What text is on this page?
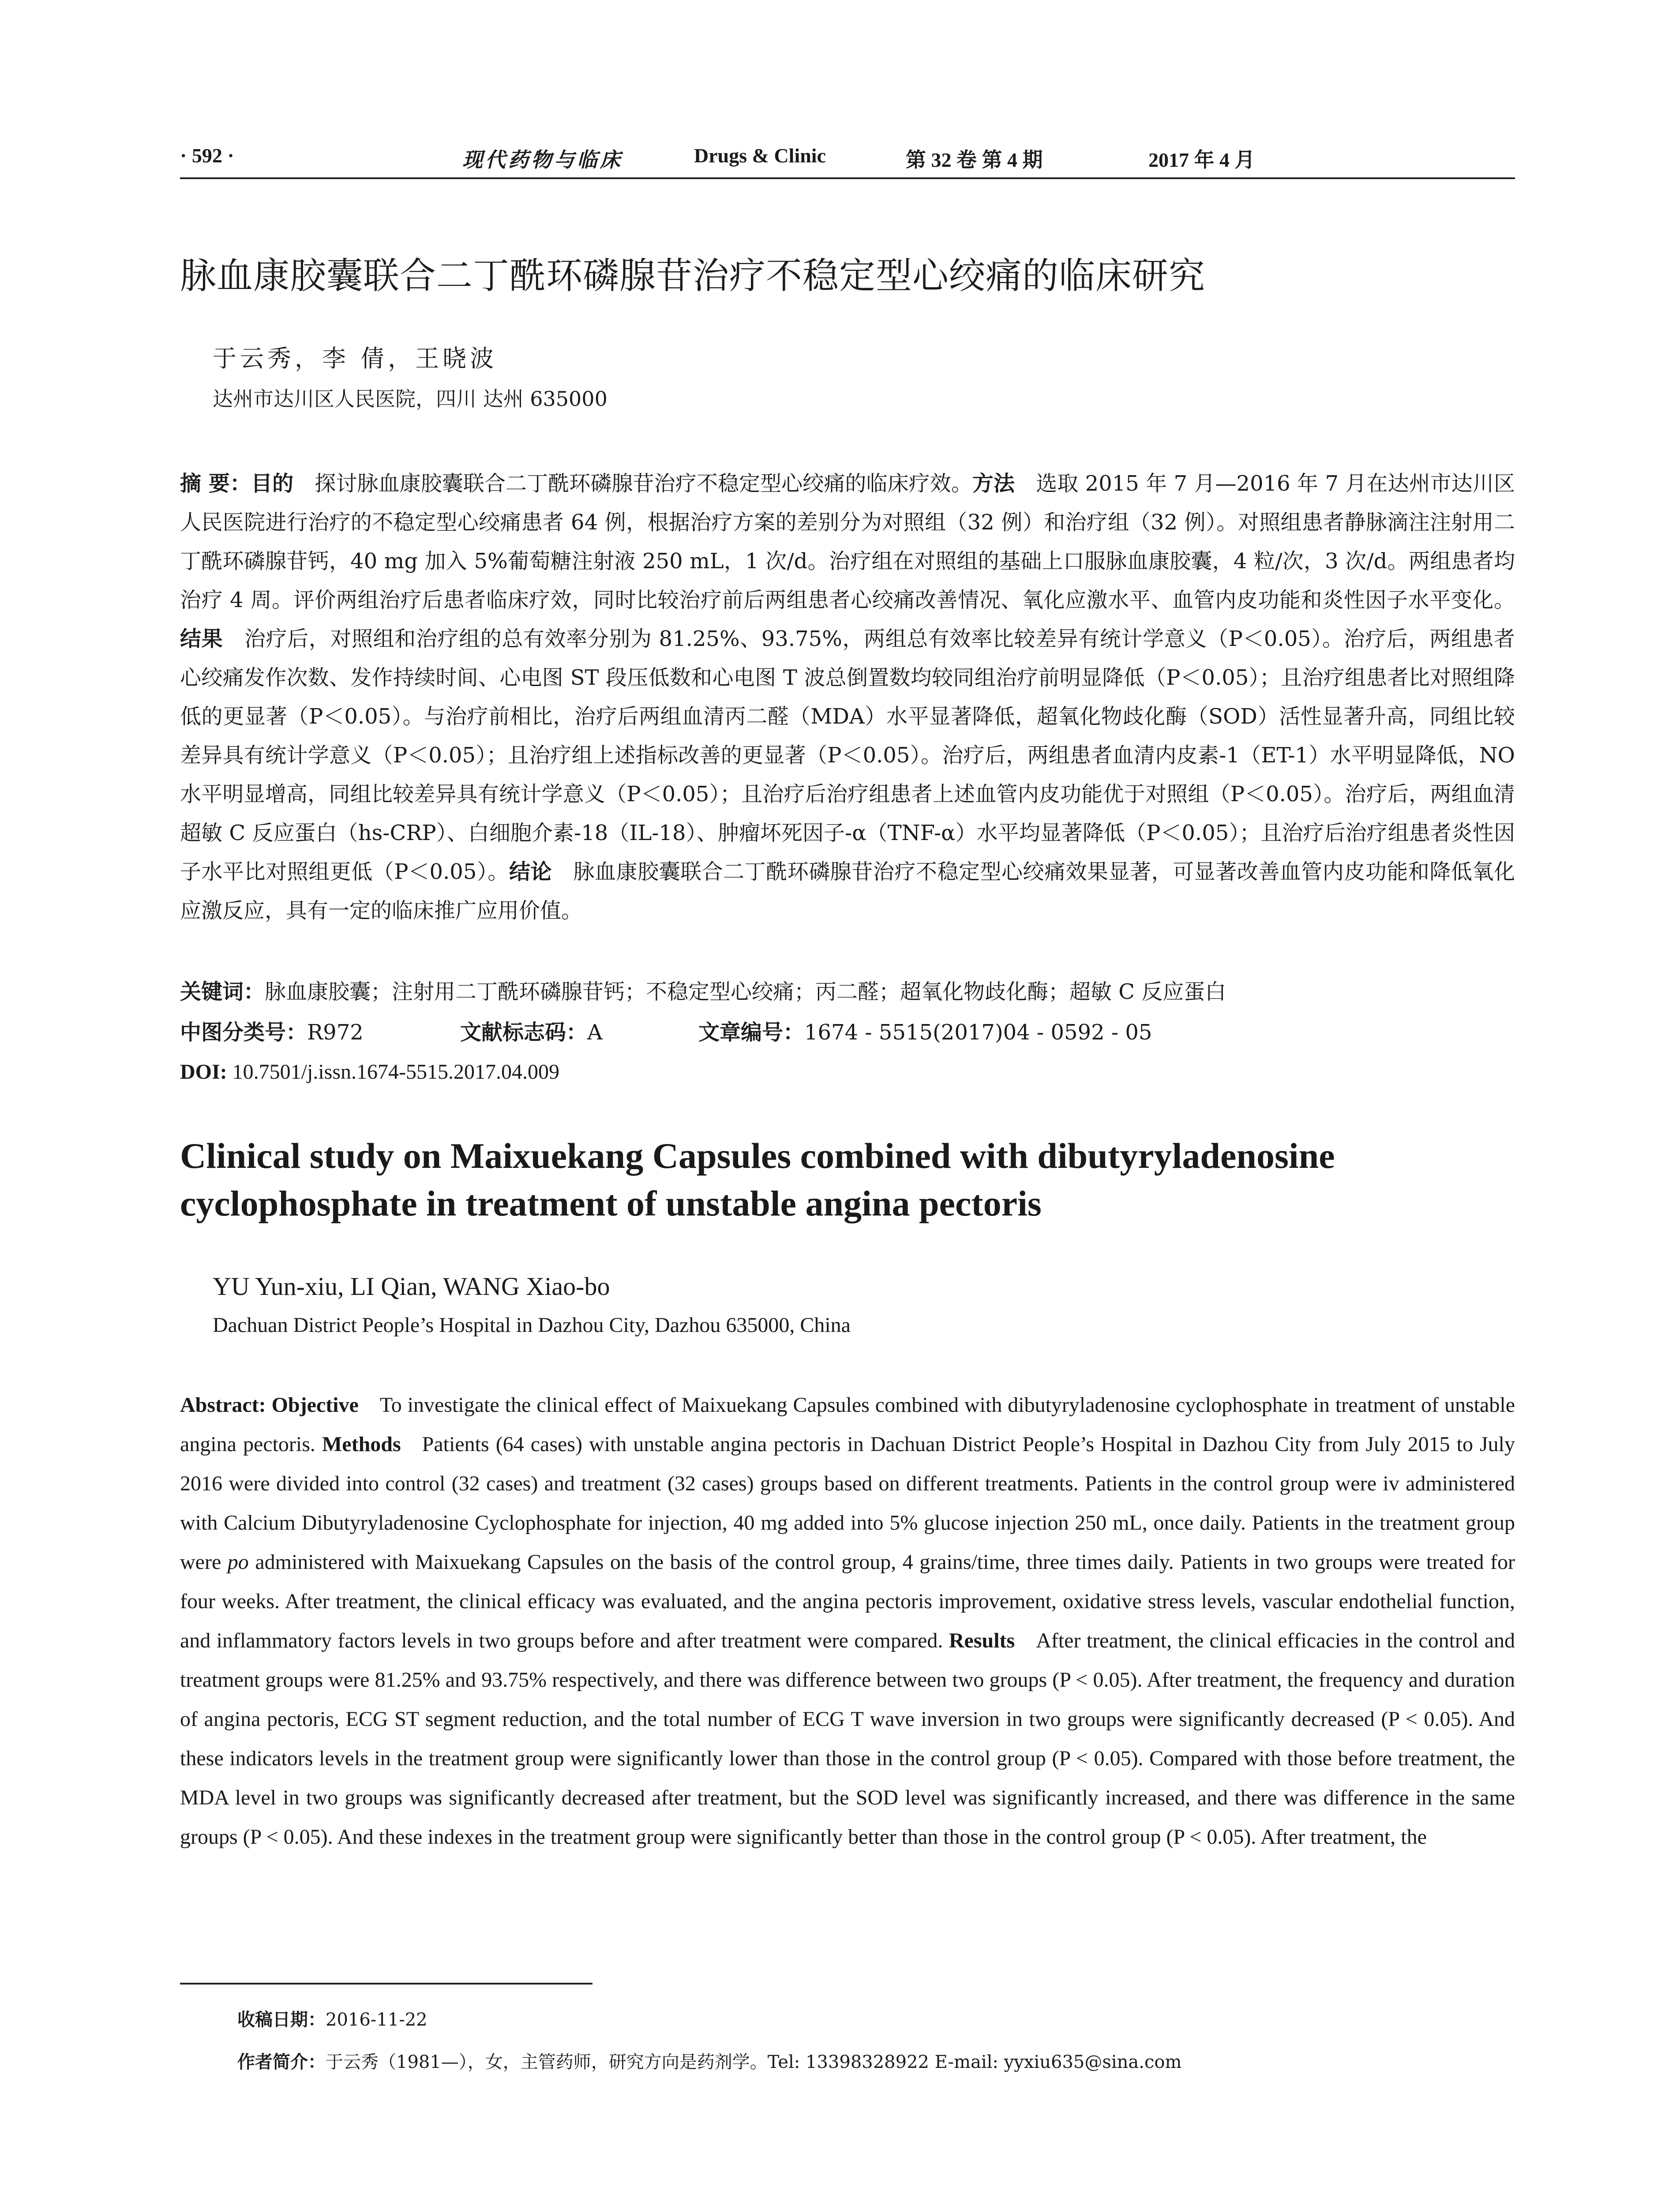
· 592 ·	现代药物与临床	Drugs & Clinic	第 32 卷 第 4 期	2017 年 4 月
脉血康胶囊联合二丁酰环磷腺苷治疗不稳定型心绞痛的临床研究
于云秀，李 倩，王晓波
达州市达川区人民医院，四川 达州 635000
摘 要：目的  探讨脉血康胶囊联合二丁酰环磷腺苷治疗不稳定型心绞痛的临床疗效。方法  选取 2015 年 7 月—2016 年 7 月在达州市达川区人民医院进行治疗的不稳定型心绞痛患者 64 例，根据治疗方案的差别分为对照组（32 例）和治疗组（32 例）。对照组患者静脉滴注注射用二丁酰环磷腺苷钙，40 mg 加入 5%葡萄糖注射液 250 mL，1 次/d。治疗组在对照组的基础上口服脉血康胶囊，4 粒/次，3 次/d。两组患者均治疗 4 周。评价两组治疗后患者临床疗效，同时比较治疗前后两组患者心绞痛改善情况、氧化应激水平、血管内皮功能和炎性因子水平变化。结果  治疗后，对照组和治疗组的总有效率分别为 81.25%、93.75%，两组总有效率比较差异有统计学意义（P＜0.05）。治疗后，两组患者心绞痛发作次数、发作持续时间、心电图 ST 段压低数和心电图 T 波总倒置数均较同组治疗前明显降低（P＜0.05）；且治疗组患者比对照组降低的更显著（P＜0.05）。与治疗前相比，治疗后两组血清丙二醛（MDA）水平显著降低，超氧化物歧化酶（SOD）活性显著升高，同组比较差异具有统计学意义（P＜0.05）；且治疗组上述指标改善的更显著（P＜0.05）。治疗后，两组患者血清内皮素-1（ET-1）水平明显降低，NO 水平明显增高，同组比较差异具有统计学意义（P＜0.05）；且治疗后治疗组患者上述血管内皮功能优于对照组（P＜0.05）。治疗后，两组血清超敏 C 反应蛋白（hs-CRP）、白细胞介素-18（IL-18）、肿瘤坏死因子-α（TNF-α）水平均显著降低（P＜0.05）；且治疗后治疗组患者炎性因子水平比对照组更低（P＜0.05）。结论  脉血康胶囊联合二丁酰环磷腺苷治疗不稳定型心绞痛效果显著，可显著改善血管内皮功能和降低氧化应激反应，具有一定的临床推广应用价值。
关键词：脉血康胶囊；注射用二丁酰环磷腺苷钙；不稳定型心绞痛；丙二醛；超氧化物歧化酶；超敏 C 反应蛋白
中图分类号：R972	文献标志码：A	文章编号：1674 - 5515(2017)04 - 0592 - 05
DOI: 10.7501/j.issn.1674-5515.2017.04.009
Clinical study on Maixuekang Capsules combined with dibutyryladenosine cyclophosphate in treatment of unstable angina pectoris
YU Yun-xiu, LI Qian, WANG Xiao-bo
Dachuan District People’s Hospital in Dazhou City, Dazhou 635000, China
Abstract: Objective   To investigate the clinical effect of Maixuekang Capsules combined with dibutyryladenosine cyclophosphate in treatment of unstable angina pectoris. Methods   Patients (64 cases) with unstable angina pectoris in Dachuan District People’s Hospital in Dazhou City from July 2015 to July 2016 were divided into control (32 cases) and treatment (32 cases) groups based on different treatments. Patients in the control group were iv administered with Calcium Dibutyryladenosine Cyclophosphate for injection, 40 mg added into 5% glucose injection 250 mL, once daily. Patients in the treatment group were po administered with Maixuekang Capsules on the basis of the control group, 4 grains/time, three times daily. Patients in two groups were treated for four weeks. After treatment, the clinical efficacy was evaluated, and the angina pectoris improvement, oxidative stress levels, vascular endothelial function, and inflammatory factors levels in two groups before and after treatment were compared. Results   After treatment, the clinical efficacies in the control and treatment groups were 81.25% and 93.75% respectively, and there was difference between two groups (P < 0.05). After treatment, the frequency and duration of angina pectoris, ECG ST segment reduction, and the total number of ECG T wave inversion in two groups were significantly decreased (P < 0.05). And these indicators levels in the treatment group were significantly lower than those in the control group (P < 0.05). Compared with those before treatment, the MDA level in two groups was significantly decreased after treatment, but the SOD level was significantly increased, and there was difference in the same groups (P < 0.05). And these indexes in the treatment group were significantly better than those in the control group (P < 0.05). After treatment, the
收稿日期：2016-11-22
作者简介：于云秀（1981—），女，主管药师，研究方向是药剂学。Tel: 13398328922 E-mail: yyxiu635@sina.com
